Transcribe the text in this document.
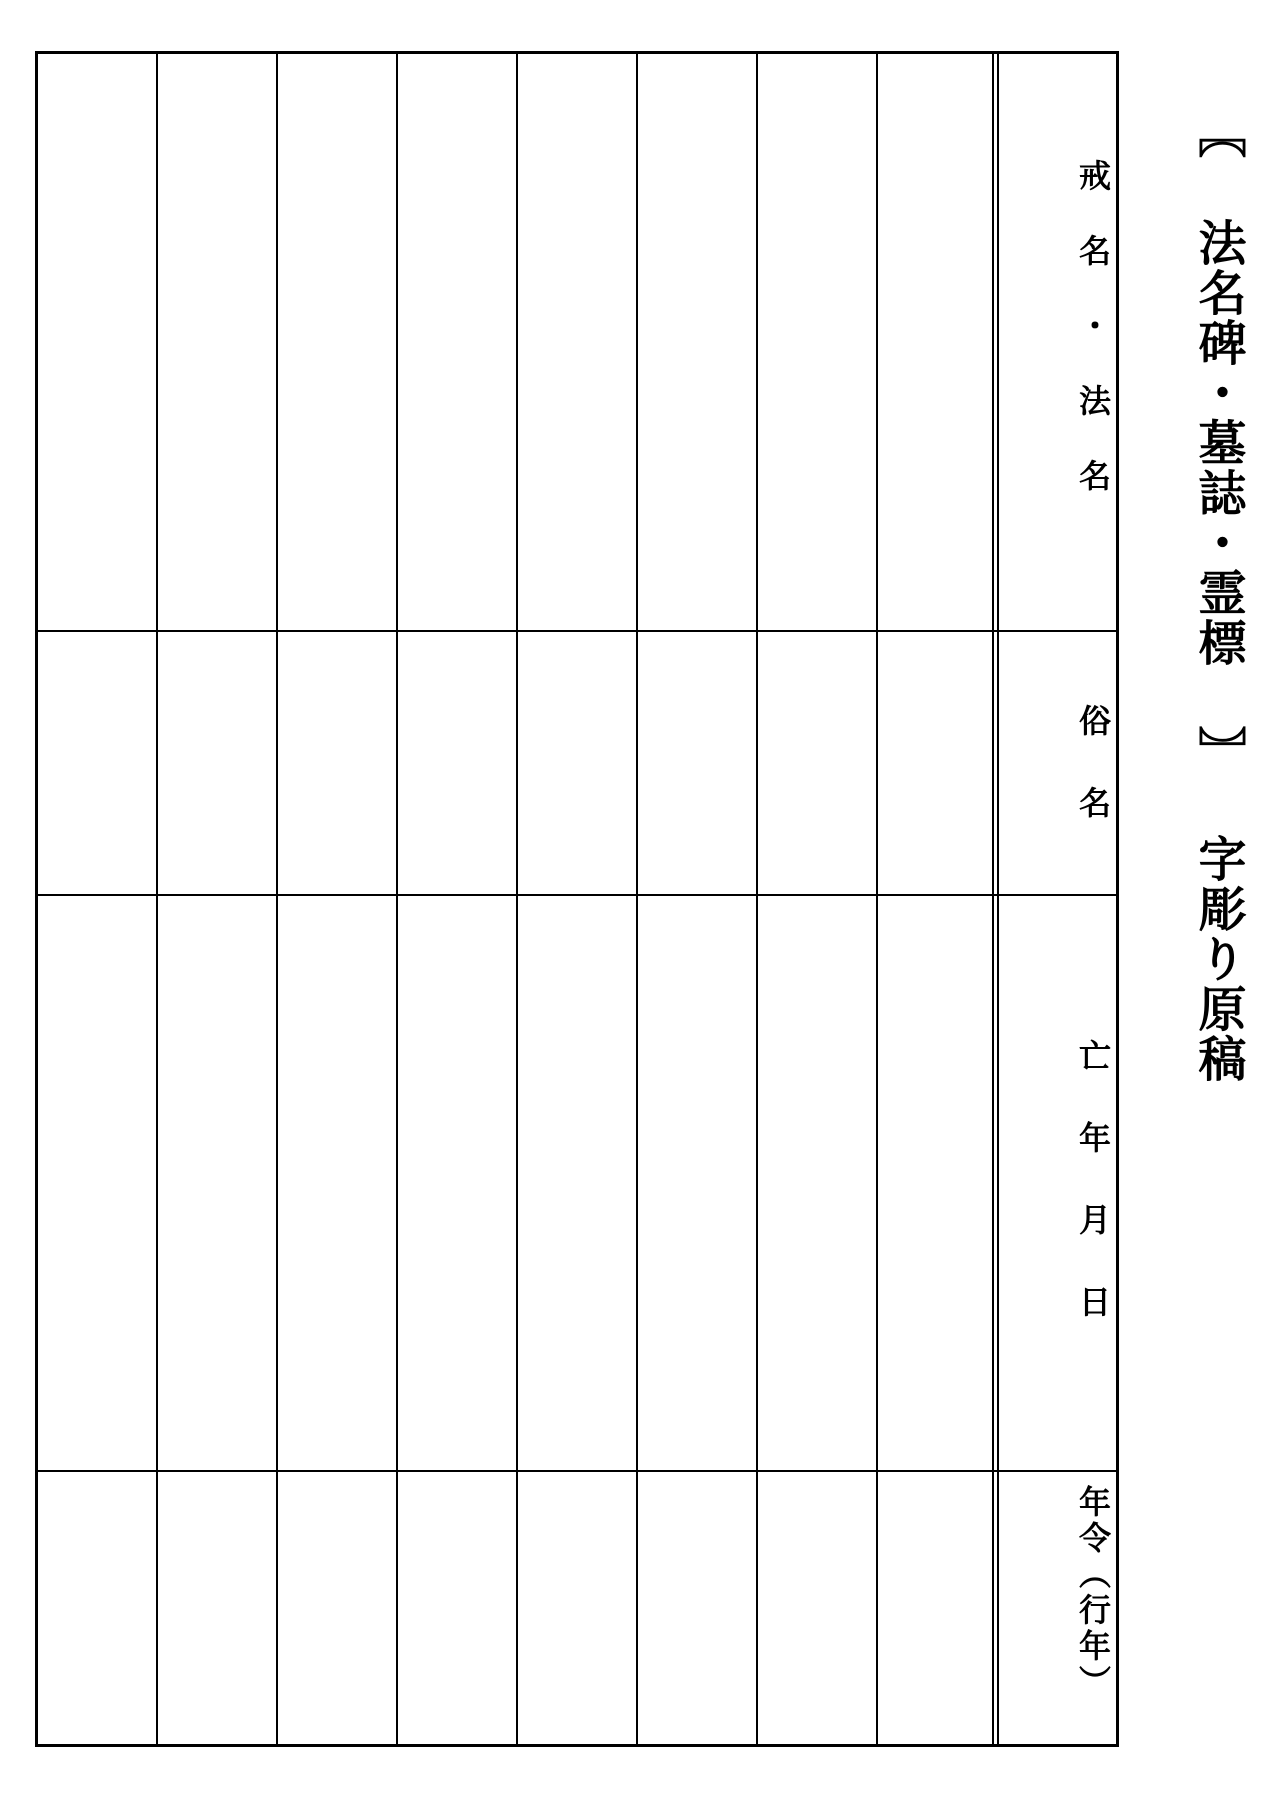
戒名・法名
俗名
亡年月日
年令（行年）
〖 法名碑・墓誌・霊標 〗 字彫り原稿
